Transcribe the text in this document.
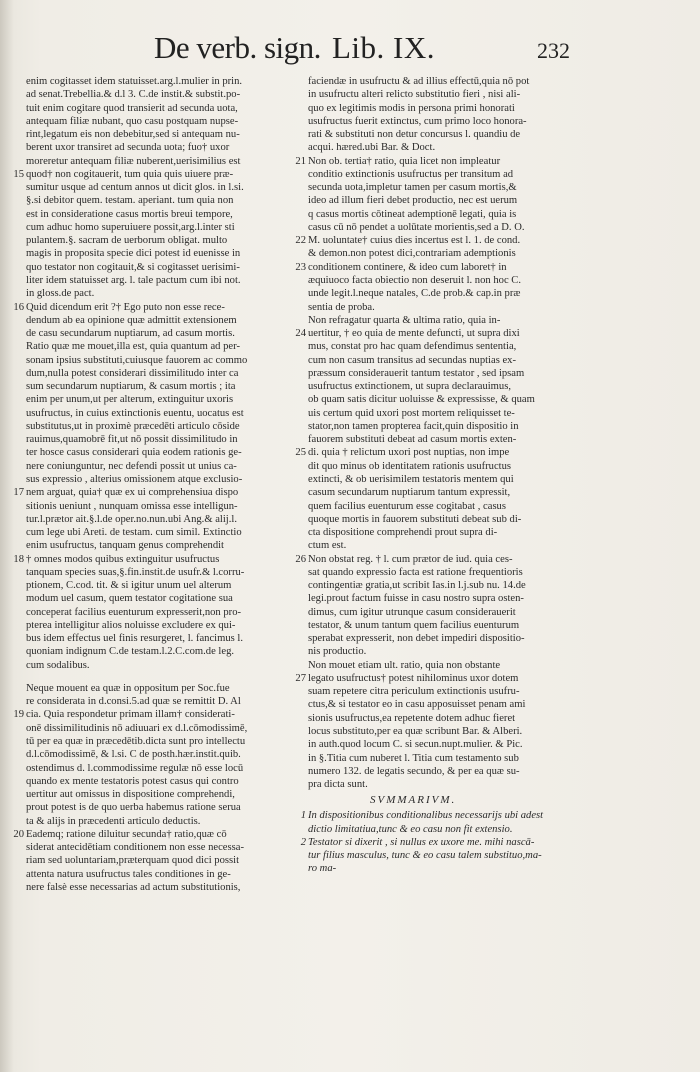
De verb. sign. Lib. IX.	232
enim cogitasset idem statuisset.arg.l.mulier in prin.
ad senat.Trebellia.& d.l 3. C.de instit.& substit.po-
tuit enim cogitare quod transierit ad secunda uota,
antequam filiæ nubant, quo casu postquam nupse-
rint,legatum eis non debebitur,sed si antequam nu-
berent uxor transiret ad secunda uota; fuo† uxor
moreretur antequam filiæ nuberent,uerisimilius est
15 quod† non cogitauerit, tum quia quis uiuere præ-
sumitur usque ad centum annos ut dicit glos. in l.si.
§.si debitor quem. testam. aperiant. tum quia non
est in consideratione casus mortis breui tempore,
cum adhuc homo superuiuere possit,arg.l.inter sti
pulantem.§. sacram de uerborum obligat. multo
magis in proposita specie dici potest id euenisse in
quo testator non cogitauit,& si cogitasset uerisimi-
liter idem statuisset arg. l. tale pactum cum ibi not.
in gloss.de pact.
16 Quid dicendum erit ?† Ego puto non esse rece-
dendum ab ea opinione quæ admittit extensionem
de casu secundarum nuptiarum, ad casum mortis.
Ratio quæ me mouet,illa est, quia quantum ad per-
sonam ipsius substituti,cuiusque fauorem ac commo
dum,nulla potest considerari dissimilitudo inter ca
sum secundarum nuptiarum, & casum mortis ; ita
enim per unum,ut per alterum, extinguitur uxoris
usufructus, in cuius extinctionis euentu, uocatus est
substitutus,ut in proximè præcedēti articulo cōside
rauimus,quamobrē fit,ut nō possit dissimilitudo in
ter hosce casus considerari quia eodem rationis ge-
nere coniunguntur, nec defendi possit ut unius ca-
sus expressio , alterius omissionem atque exclusio-
17 nem arguat, quia† quæ ex ui comprehensiua dispo
sitionis ueniunt , nunquam omissa esse intelligun-
tur.l.prætor ait.§.l.de oper.no.nun.ubi Ang.& alij.l.
cum lege ubi Areti. de testam. cum simil. Extinctio
enim usufructus, tanquam genus comprehendit
18 † omnes modos quibus extinguitur usufructus
tanquam species suas,§.fin.instit.de usufr.& l.corru-
ptionem, C.cod. tit. & si igitur unum uel alterum
modum uel casum, quem testator cogitatione sua
conceperat facilius euenturum expresserit,non pro-
pterea intelligitur alios noluisse excludere ex qui-
bus idem effectus uel finis resurgeret, l. fancimus l.
quoniam indignum C.de testam.l.2.C.com.de leg.
cum sodalibus.
Neque mouent ea quæ in oppositum per Soc.fue
re considerata in d.consi.5.ad quæ se remittit D. Al
19 cia. Quia respondetur primam illam† considerati-
onē dissimilitudinis nō adiuuari ex d.l.cōmodissimē,
tū per ea quæ in præcedētib.dicta sunt pro intellectu
d.l.cōmodissimē, & l.si. C de posth.hær.instit.quib.
ostendimus d. l.commodissime regulæ nō esse locū
quando ex mente testatoris potest casus qui contro
uertitur aut omissus in dispositione comprehendi,
prout potest is de quo uerba habemus ratione serua
ta & alijs in præcedenti articulo deductis.
20 Eademq; ratione diluitur secunda† ratio,quæ cō
siderat antecidētiam conditionem non esse necessa-
riam sed uoluntariam,præterquam quod dici possit
attenta natura usufructus tales conditiones in ge-
nere falsè esse necessarias ad actum substitutionis,
faciendæ in usufructu & ad illius effectū,quia nō pot
in usufructu alteri relicto substitutio fieri , nisi ali-
quo ex legitimis modis in persona primi honorati
usufructus fuerit extinctus, cum primo loco honora-
rati & substituti non detur concursus l. quandiu de
acqui. hæred.ubi Bar. & Doct.
21 Non ob. tertia† ratio, quia licet non impleatur
conditio extinctionis usufructus per transitum ad
secunda uota,impletur tamen per casum mortis,&
ideo ad illum fieri debet productio, nec est uerum
q casus mortis cōtineat ademptionē legati, quia is
casus cū nō pendet a uolūtate morientis,sed a D. O.
22 M. uoluntate† cuius dies incertus est l. 1. de cond.
& demon.non potest dici,contrariam ademptionis
23 conditionem continere, & ideo cum laboret† in
æquiuoco facta obiectio non deseruit l. non hoc C.
unde legit.l.neque natales, C.de prob.& cap.in præ
sentia de proba.
Non refragatur quarta & ultima ratio, quia in-
24 uertitur, † eo quia de mente defuncti, ut supra dixi
mus, constat pro hac quam defendimus sententia,
cum non casum transitus ad secundas nuptias ex-
præssum considerauerit tantum testator , sed ipsam
usufructus extinctionem, ut supra declarauimus,
ob quam satis dicitur uoluisse & expressisse, & quam
uis certum quid uxori post mortem reliquisset te-
stator,non tamen propterea facit,quin dispositio in
fauorem substituti debeat ad casum mortis exten-
25 di. quia † relictum uxori post nuptias, non impe
dit quo minus ob identitatem rationis usufructus
extincti, & ob uerisimilem testatoris mentem qui
casum secundarum nuptiarum tantum expressit,
quem facilius euenturum esse cogitabat , casus
quoque mortis in fauorem substituti debeat sub di-
cta dispositione comprehendi prout supra di-
ctum est.
26 Non obstat reg. † l. cum prætor de iud. quia ces-
sat quando expressio facta est ratione frequentioris
contingentiæ gratia,ut scribit Ias.in l.j.sub nu. 14.de
legi.prout factum fuisse in casu nostro supra osten-
dimus, cum igitur utrunque casum considerauerit
testator, & unum tantum quem facilius euenturum
sperabat expresserit, non debet impediri dispositio-
nis productio.
Non mouet etiam ult. ratio, quia non obstante
27 legato usufructus† potest nihilominus uxor dotem
suam repetere citra periculum extinctionis usufru-
ctus,& si testator eo in casu apposuisset penam ami
sionis usufructus,ea repetente dotem adhuc fieret
locus substituto,per ea quæ scribunt Bar. & Alberi.
in auth.quod locum C. si secun.nupt.mulier. & Pic.
in §.Titia cum nuberet l. Titia cum testamento sub
numero 132. de legatis secundo, & per ea quæ su-
pra dicta sunt.
SVMMARIVM.
1 In dispositionibus conditionalibus necessarijs ubi adest
dictio limitatiua,tunc & eo casu non fit extensio.
2 Testator si dixerit , si nullus ex uxore me. mihi nascā-
tur filius masculus, tunc & eo casu talem substituo,ma-
ro ma-
